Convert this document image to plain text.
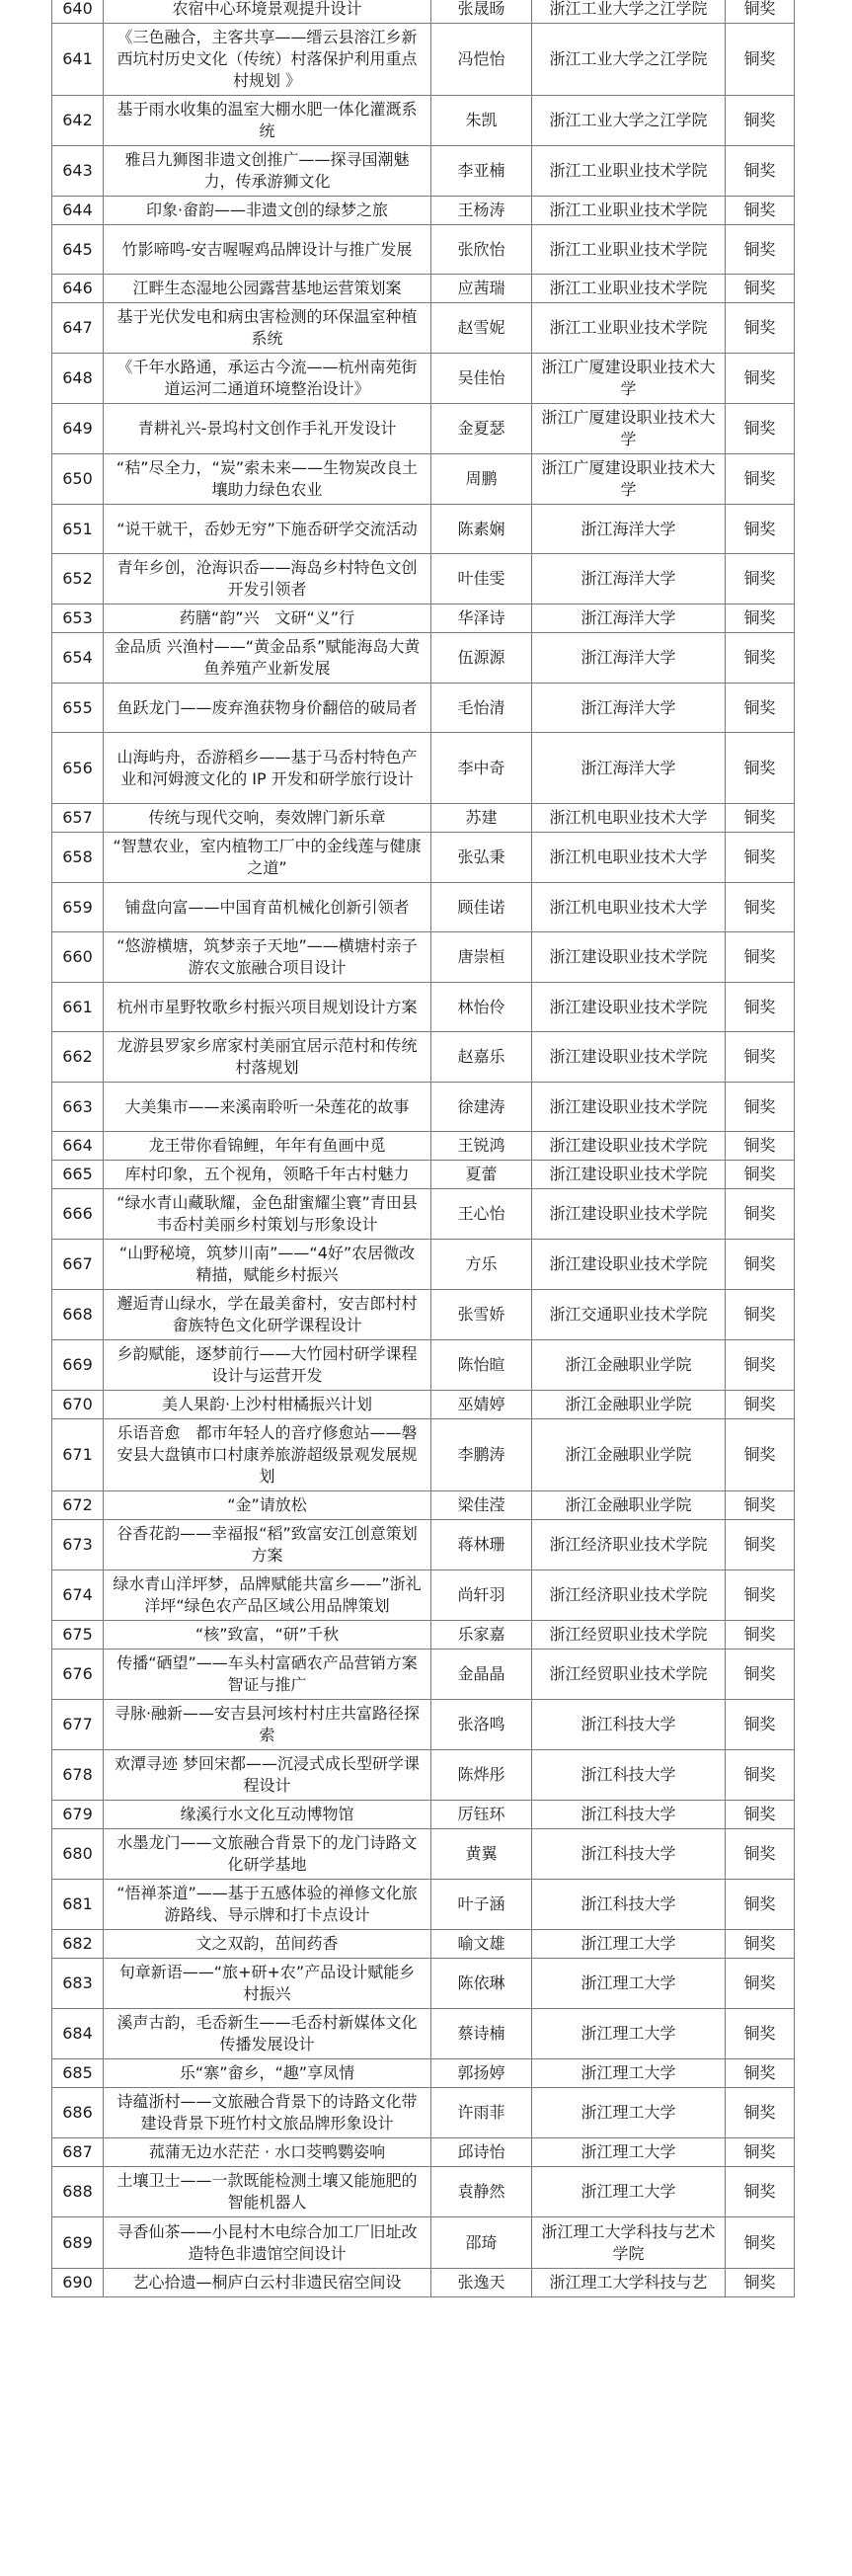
640	农宿中心环境景观提升设计	张晟旸	浙江工业大学之江学院	铜奖
641	《三色融合，主客共享——缙云县溶江乡新西坑村历史文化（传统）村落保护利用重点村规划 》	冯恺怡	浙江工业大学之江学院	铜奖
642	基于雨水收集的温室大棚水肥一体化灌溉系统	朱凯	浙江工业大学之江学院	铜奖
643	雅吕九狮图非遗文创推广——探寻国潮魅力，传承游狮文化	李亚楠	浙江工业职业技术学院	铜奖
644	印象·畲韵——非遗文创的绿梦之旅	王杨涛	浙江工业职业技术学院	铜奖
645	竹影啼鸣-安吉喔喔鸡品牌设计与推广发展	张欣怡	浙江工业职业技术学院	铜奖
646	江畔生态湿地公园露营基地运营策划案	应茜瑞	浙江工业职业技术学院	铜奖
647	基于光伏发电和病虫害检测的环保温室种植系统	赵雪妮	浙江工业职业技术学院	铜奖
648	《千年水路通，承运古今流——杭州南苑街道运河二通道环境整治设计》	吴佳怡	浙江广厦建设职业技术大学	铜奖
649	青耕礼兴-景坞村文创作手礼开发设计	金夏瑟	浙江广厦建设职业技术大学	铜奖
650	“秸”尽全力，“炭”索未来——生物炭改良土壤助力绿色农业	周鹏	浙江广厦建设职业技术大学	铜奖
651	“说干就干，岙妙无穷”下施岙研学交流活动	陈素娴	浙江海洋大学	铜奖
652	青年乡创，沧海识岙——海岛乡村特色文创开发引领者	叶佳雯	浙江海洋大学	铜奖
653	药膳“韵”兴　文研“义”行	华泽诗	浙江海洋大学	铜奖
654	金品质 兴渔村——“黄金品系”赋能海岛大黄鱼养殖产业新发展	伍源源	浙江海洋大学	铜奖
655	鱼跃龙门——废弃渔获物身价翻倍的破局者	毛怡清	浙江海洋大学	铜奖
656	山海屿舟，岙游稻乡——基于马岙村特色产业和河姆渡文化的 IP 开发和研学旅行设计	李中奇	浙江海洋大学	铜奖
657	传统与现代交响，奏效牌门新乐章	苏建	浙江机电职业技术大学	铜奖
658	“智慧农业，室内植物工厂中的金线莲与健康之道”	张弘秉	浙江机电职业技术大学	铜奖
659	铺盘向富——中国育苗机械化创新引领者	顾佳诺	浙江机电职业技术大学	铜奖
660	“悠游横塘，筑梦亲子天地”——横塘村亲子游农文旅融合项目设计	唐崇桓	浙江建设职业技术学院	铜奖
661	杭州市星野牧歌乡村振兴项目规划设计方案	林怡伶	浙江建设职业技术学院	铜奖
662	龙游县罗家乡席家村美丽宜居示范村和传统村落规划	赵嘉乐	浙江建设职业技术学院	铜奖
663	大美集市——来溪南聆听一朵莲花的故事	徐建涛	浙江建设职业技术学院	铜奖
664	龙王带你看锦鲤，年年有鱼画中觅	王锐鸿	浙江建设职业技术学院	铜奖
665	库村印象，五个视角，领略千年古村魅力	夏蕾	浙江建设职业技术学院	铜奖
666	“绿水青山藏耿耀，金色甜蜜耀尘寰”青田县韦岙村美丽乡村策划与形象设计	王心怡	浙江建设职业技术学院	铜奖
667	“山野秘境，筑梦川南”——“4好”农居微改精描，赋能乡村振兴	方乐	浙江建设职业技术学院	铜奖
668	邂逅青山绿水，学在最美畲村，安吉郎村村畲族特色文化研学课程设计	张雪娇	浙江交通职业技术学院	铜奖
669	乡韵赋能，逐梦前行——大竹园村研学课程设计与运营开发	陈怡暄	浙江金融职业学院	铜奖
670	美人果韵·上沙村柑橘振兴计划	巫婧婷	浙江金融职业学院	铜奖
671	乐语音愈　都市年轻人的音疗修愈站——磐安县大盘镇市口村康养旅游超级景观发展规划	李鹏涛	浙江金融职业学院	铜奖
672	“金”请放松	梁佳滢	浙江金融职业学院	铜奖
673	谷香花韵——幸福报“稻”致富安江创意策划方案	蒋林珊	浙江经济职业技术学院	铜奖
674	绿水青山洋坪梦，品牌赋能共富乡——”浙礼洋坪“绿色农产品区域公用品牌策划	尚轩羽	浙江经济职业技术学院	铜奖
675	“核”致富，“研”千秋	乐家嘉	浙江经贸职业技术学院	铜奖
676	传播“硒望”——车头村富硒农产品营销方案智证与推广	金晶晶	浙江经贸职业技术学院	铜奖
677	寻脉·融新——安吉县河垓村村庄共富路径探索	张洛鸣	浙江科技大学	铜奖
678	欢潭寻迹 梦回宋都——沉浸式成长型研学课程设计	陈烨彤	浙江科技大学	铜奖
679	缘溪行水文化互动博物馆	厉钰环	浙江科技大学	铜奖
680	水墨龙门——文旅融合背景下的龙门诗路文化研学基地	黄翼	浙江科技大学	铜奖
681	“悟禅茶道”——基于五感体验的禅修文化旅游路线、导示牌和打卡点设计	叶子涵	浙江科技大学	铜奖
682	文之双韵，茁间药香	喻文雄	浙江理工大学	铜奖
683	旬章新语——“旅+研+农”产品设计赋能乡村振兴	陈依琳	浙江理工大学	铜奖
684	溪声古韵，毛岙新生——毛岙村新媒体文化传播发展设计	蔡诗楠	浙江理工大学	铜奖
685	乐“寨”畲乡，“趣”享凤情	郭扬婷	浙江理工大学	铜奖
686	诗蕴浙村——文旅融合背景下的诗路文化带建设背景下班竹村文旅品牌形象设计	许雨菲	浙江理工大学	铜奖
687	菰蒲无边水茫茫 · 水口茭鸭鹦姿响	邱诗怡	浙江理工大学	铜奖
688	土壤卫士——一款既能检测土壤又能施肥的智能机器人	袁静然	浙江理工大学	铜奖
689	寻香仙茶——小昆村木电综合加工厂旧址改造特色非遗馆空间设计	邵琦	浙江理工大学科技与艺术学院	铜奖
690	艺心拾遗—桐庐白云村非遗民宿空间设	张逸天	浙江理工大学科技与艺	铜奖
